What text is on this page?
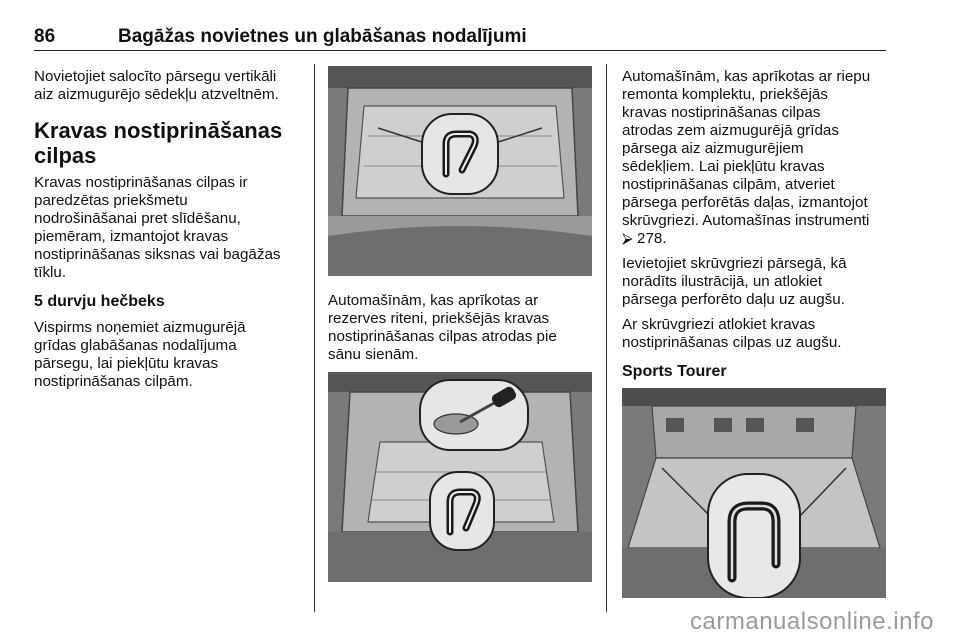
86	Bagāžas novietnes un glabāšanas nodalījumi

Novietojiet salocīto pārsegu vertikāli
aiz aizmugurējo sēdekļu atzveltnēm.

Kravas nostiprināšanas
cilpas

Kravas nostiprināšanas cilpas ir
paredzētas priekšmetu
nodrošināšanai pret slīdēšanu,
piemēram, izmantojot kravas
nostiprināšanas siksnas vai bagāžas
tīklu.

5 durvju hečbeks

Vispirms noņemiet aizmugurējā
grīdas glabāšanas nodalījuma
pārsegu, lai piekļūtu kravas
nostiprināšanas cilpām.

Automašīnām, kas aprīkotas ar
rezerves riteni, priekšējās kravas
nostiprināšanas cilpas atrodas pie
sānu sienām.

Automašīnām, kas aprīkotas ar riepu
remonta komplektu, priekšējās
kravas nostiprināšanas cilpas
atrodas zem aizmugurējā grīdas
pārsega aiz aizmugurējiem
sēdekļiem. Lai piekļūtu kravas
nostiprināšanas cilpām, atveriet
pārsega perforētās daļas, izmantojot
skrūvgriezi. Automašīnas instrumenti
⮚ 278.

Ievietojiet skrūvgriezi pārsegā, kā
norādīts ilustrācijā, un atlokiet
pārsega perforēto daļu uz augšu.

Ar skrūvgriezi atlokiet kravas
nostiprināšanas cilpas uz augšu.

Sports Tourer
carmanualsonline.info
